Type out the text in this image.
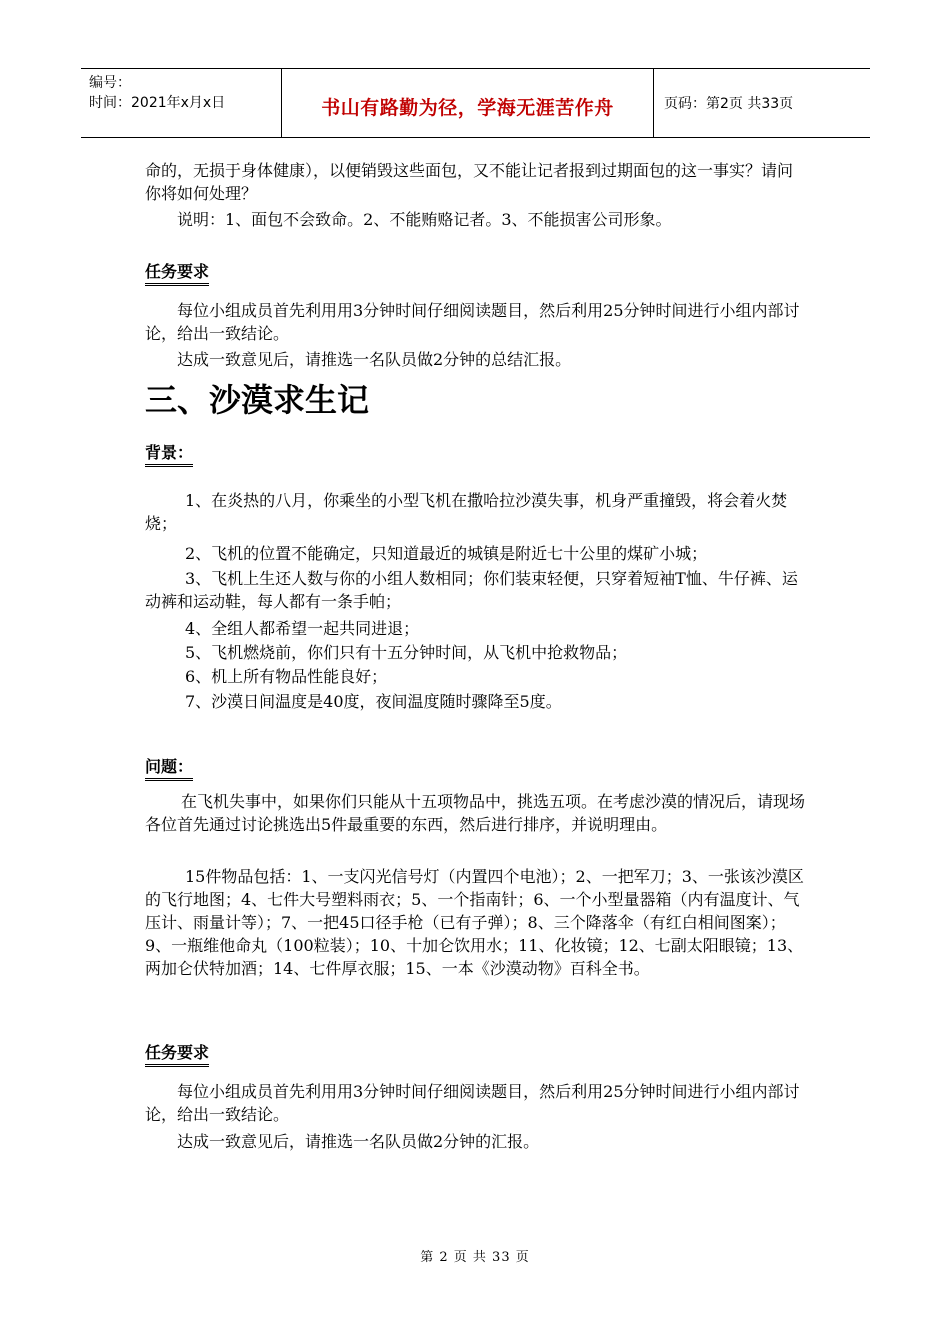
编号：
时间：2021年x月x日	书山有路勤为径，学海无涯苦作舟	页码：第2页 共33页

命的，无损于身体健康），以便销毁这些面包，又不能让记者报到过期面包的这一事实？请问你将如何处理？

说明：1、面包不会致命。2、不能贿赂记者。3、不能损害公司形象。

任务要求

每位小组成员首先利用用3分钟时间仔细阅读题目，然后利用25分钟时间进行小组内部讨论，给出一致结论。

达成一致意见后，请推选一名队员做2分钟的总结汇报。

三、沙漠求生记
背景：

1、在炎热的八月，你乘坐的小型飞机在撒哈拉沙漠失事，机身严重撞毁，将会着火焚烧；

2、飞机的位置不能确定，只知道最近的城镇是附近七十公里的煤矿小城；

3、飞机上生还人数与你的小组人数相同；你们装束轻便，只穿着短袖T恤、牛仔裤、运动裤和运动鞋，每人都有一条手帕；

4、全组人都希望一起共同进退；

5、飞机燃烧前，你们只有十五分钟时间，从飞机中抢救物品；

6、机上所有物品性能良好；

7、沙漠日间温度是40度，夜间温度随时骤降至5度。

问题：

在飞机失事中，如果你们只能从十五项物品中，挑选五项。在考虑沙漠的情况后，请现场各位首先通过讨论挑选出5件最重要的东西，然后进行排序，并说明理由。

15件物品包括：1、一支闪光信号灯（内置四个电池）；2、一把军刀；3、一张该沙漠区的飞行地图；4、七件大号塑料雨衣；5、一个指南针；6、一个小型量器箱（内有温度计、气压计、雨量计等）；7、一把45口径手枪（已有子弹）；8、三个降落伞（有红白相间图案）；9、一瓶维他命丸（100粒装）；10、十加仑饮用水；11、化妆镜；12、七副太阳眼镜；13、两加仑伏特加酒；14、七件厚衣服；15、一本《沙漠动物》百科全书。

任务要求

每位小组成员首先利用用3分钟时间仔细阅读题目，然后利用25分钟时间进行小组内部讨论，给出一致结论。

达成一致意见后，请推选一名队员做2分钟的汇报。

第 2 页 共 33 页
